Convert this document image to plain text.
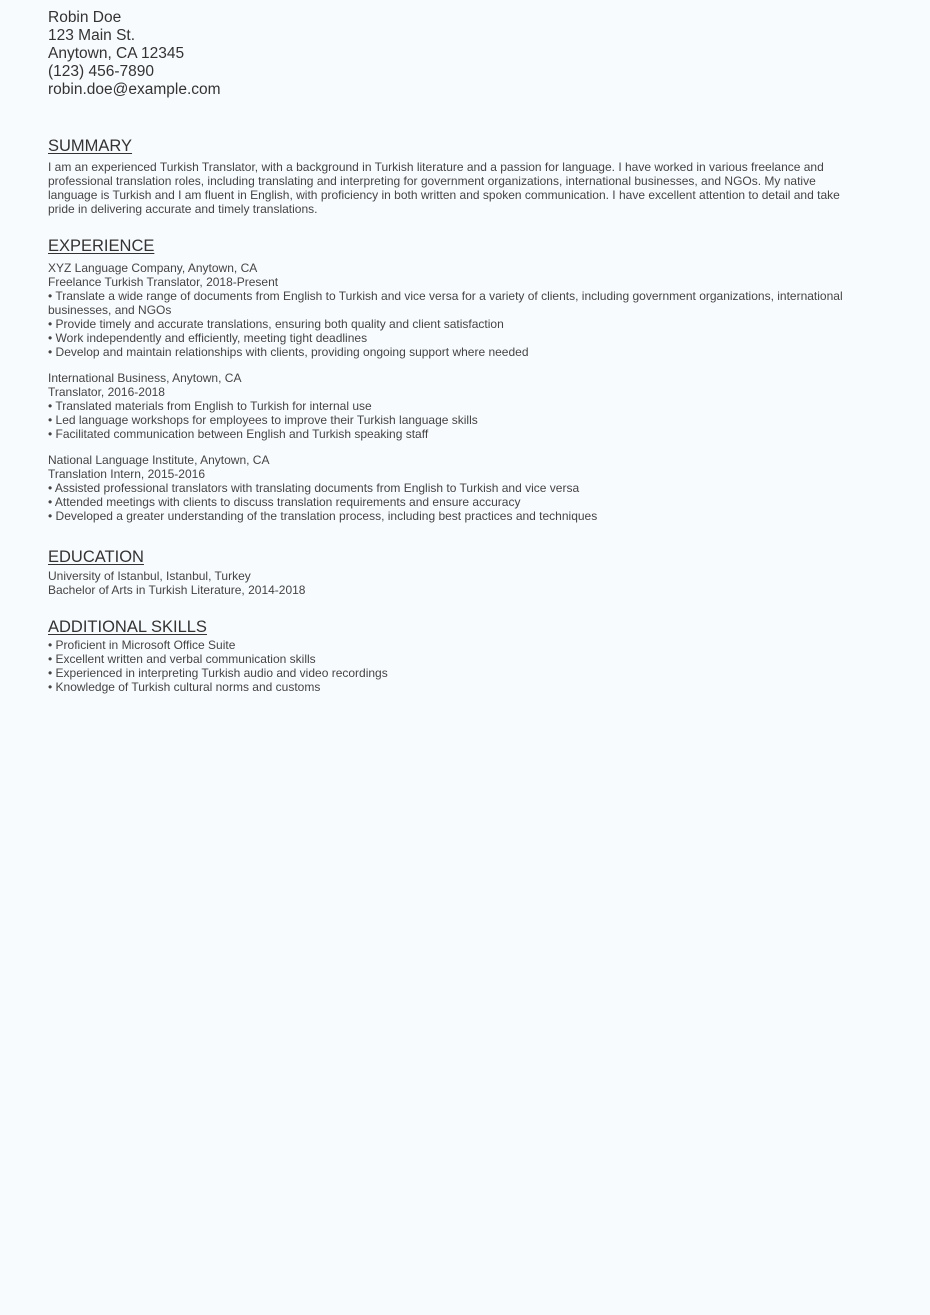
Robin Doe
123 Main St.
Anytown, CA 12345
(123) 456-7890
robin.doe@example.com
SUMMARY
I am an experienced Turkish Translator, with a background in Turkish literature and a passion for language. I have worked in various freelance and professional translation roles, including translating and interpreting for government organizations, international businesses, and NGOs. My native language is Turkish and I am fluent in English, with proficiency in both written and spoken communication. I have excellent attention to detail and take pride in delivering accurate and timely translations.
EXPERIENCE
XYZ Language Company, Anytown, CA
Freelance Turkish Translator, 2018-Present
• Translate a wide range of documents from English to Turkish and vice versa for a variety of clients, including government organizations, international businesses, and NGOs
• Provide timely and accurate translations, ensuring both quality and client satisfaction
• Work independently and efficiently, meeting tight deadlines
• Develop and maintain relationships with clients, providing ongoing support where needed
International Business, Anytown, CA
Translator, 2016-2018
• Translated materials from English to Turkish for internal use
• Led language workshops for employees to improve their Turkish language skills
• Facilitated communication between English and Turkish speaking staff
National Language Institute, Anytown, CA
Translation Intern, 2015-2016
• Assisted professional translators with translating documents from English to Turkish and vice versa
• Attended meetings with clients to discuss translation requirements and ensure accuracy
• Developed a greater understanding of the translation process, including best practices and techniques
EDUCATION
University of Istanbul, Istanbul, Turkey
Bachelor of Arts in Turkish Literature, 2014-2018
ADDITIONAL SKILLS
• Proficient in Microsoft Office Suite
• Excellent written and verbal communication skills
• Experienced in interpreting Turkish audio and video recordings
• Knowledge of Turkish cultural norms and customs
